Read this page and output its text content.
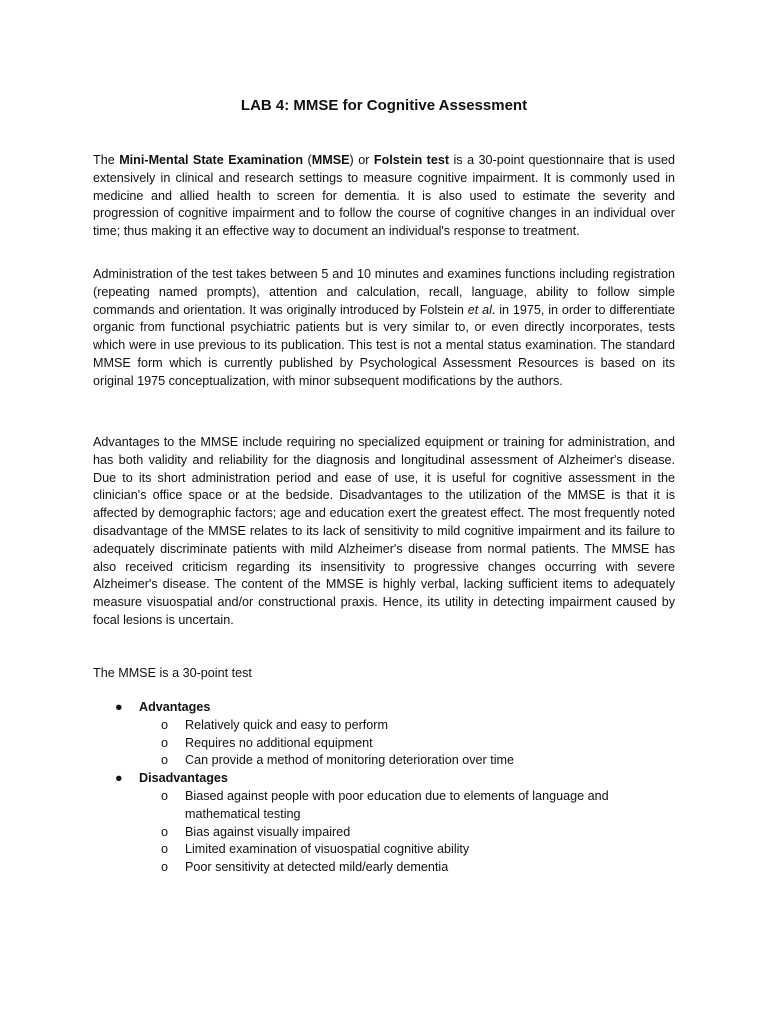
LAB 4: MMSE for Cognitive Assessment

The Mini-Mental State Examination (MMSE) or Folstein test is a 30-point questionnaire that is used extensively in clinical and research settings to measure cognitive impairment. It is commonly used in medicine and allied health to screen for dementia. It is also used to estimate the severity and progression of cognitive impairment and to follow the course of cognitive changes in an individual over time; thus making it an effective way to document an individual's response to treatment.

Administration of the test takes between 5 and 10 minutes and examines functions including registration (repeating named prompts), attention and calculation, recall, language, ability to follow simple commands and orientation. It was originally introduced by Folstein et al. in 1975, in order to differentiate organic from functional psychiatric patients but is very similar to, or even directly incorporates, tests which were in use previous to its publication. This test is not a mental status examination. The standard MMSE form which is currently published by Psychological Assessment Resources is based on its original 1975 conceptualization, with minor subsequent modifications by the authors.

Advantages to the MMSE include requiring no specialized equipment or training for administration, and has both validity and reliability for the diagnosis and longitudinal assessment of Alzheimer's disease. Due to its short administration period and ease of use, it is useful for cognitive assessment in the clinician's office space or at the bedside. Disadvantages to the utilization of the MMSE is that it is affected by demographic factors; age and education exert the greatest effect. The most frequently noted disadvantage of the MMSE relates to its lack of sensitivity to mild cognitive impairment and its failure to adequately discriminate patients with mild Alzheimer's disease from normal patients. The MMSE has also received criticism regarding its insensitivity to progressive changes occurring with severe Alzheimer's disease. The content of the MMSE is highly verbal, lacking sufficient items to adequately measure visuospatial and/or constructional praxis. Hence, its utility in detecting impairment caused by focal lesions is uncertain.

The MMSE is a 30-point test

● Advantages
o Relatively quick and easy to perform
o Requires no additional equipment
o Can provide a method of monitoring deterioration over time
● Disadvantages
o Biased against people with poor education due to elements of language and mathematical testing
o Bias against visually impaired
o Limited examination of visuospatial cognitive ability
o Poor sensitivity at detected mild/early dementia
